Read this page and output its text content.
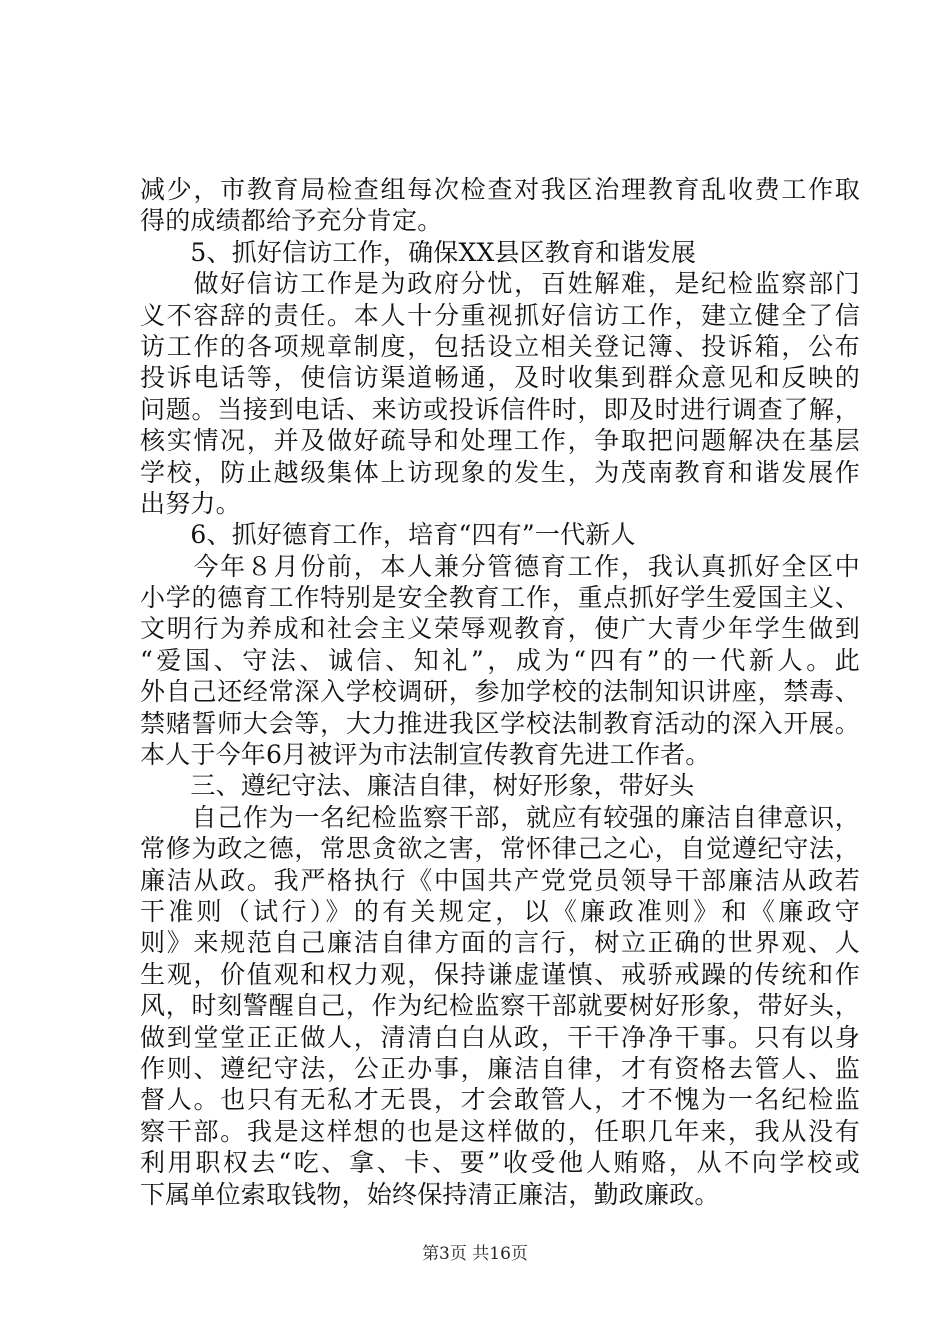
减少，市教育局检查组每次检查对我区治理教育乱收费工作取
得的成绩都给予充分肯定。
　　5、抓好信访工作，确保XX县区教育和谐发展
　　做好信访工作是为政府分忧，百姓解难，是纪检监察部门
义不容辞的责任。本人十分重视抓好信访工作，建立健全了信
访工作的各项规章制度，包括设立相关登记簿、投诉箱，公布
投诉电话等，使信访渠道畅通，及时收集到群众意见和反映的
问题。当接到电话、来访或投诉信件时，即及时进行调查了解，
核实情况，并及做好疏导和处理工作，争取把问题解决在基层
学校，防止越级集体上访现象的发生，为茂南教育和谐发展作
出努力。
　　6、抓好德育工作，培育“四有”一代新人
　　今年８月份前，本人兼分管德育工作，我认真抓好全区中
小学的德育工作特别是安全教育工作，重点抓好学生爱国主义、
文明行为养成和社会主义荣辱观教育，使广大青少年学生做到
“爱国、守法、诚信、知礼”，成为“四有”的一代新人。此
外自己还经常深入学校调研，参加学校的法制知识讲座，禁毒、
禁赌誓师大会等，大力推进我区学校法制教育活动的深入开展。
本人于今年6月被评为市法制宣传教育先进工作者。
　　三、遵纪守法、廉洁自律，树好形象，带好头
　　自己作为一名纪检监察干部，就应有较强的廉洁自律意识，
常修为政之德，常思贪欲之害，常怀律己之心，自觉遵纪守法，
廉洁从政。我严格执行《中国共产党党员领导干部廉洁从政若
干准则（试行）》的有关规定，以《廉政准则》和《廉政守
则》来规范自己廉洁自律方面的言行，树立正确的世界观、人
生观，价值观和权力观，保持谦虚谨慎、戒骄戒躁的传统和作
风，时刻警醒自己，作为纪检监察干部就要树好形象，带好头，
做到堂堂正正做人，清清白白从政，干干净净干事。只有以身
作则、遵纪守法，公正办事，廉洁自律，才有资格去管人、监
督人。也只有无私才无畏，才会敢管人，才不愧为一名纪检监
察干部。我是这样想的也是这样做的，任职几年来，我从没有
利用职权去“吃、拿、卡、要”收受他人贿赂，从不向学校或
下属单位索取钱物，始终保持清正廉洁，勤政廉政。
第3页 共16页
